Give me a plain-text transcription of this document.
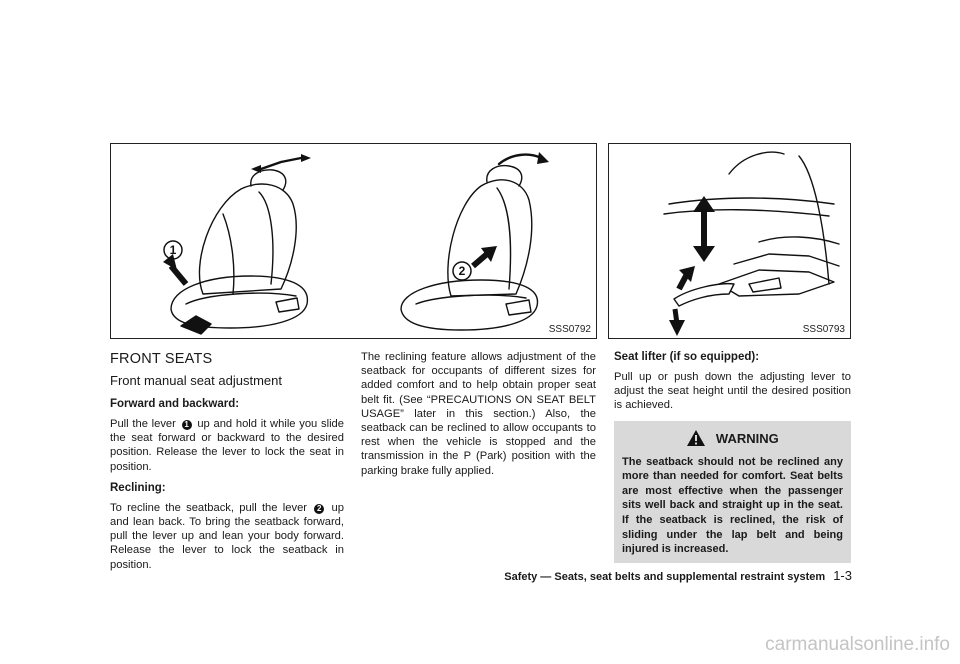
1
2
SSS0792	SSS0793
FRONT SEATS
Front manual seat adjustment
Forward and backward:

Pull the lever 1 up and hold it while you slide the seat forward or backward to the desired position. Release the lever to lock the seat in position.

Reclining:

To recline the seatback, pull the lever 2 up and lean back. To bring the seatback forward, pull the lever up and lean your body forward. Release the lever to lock the seatback in position.

The reclining feature allows adjustment of the seatback for occupants of different sizes for added comfort and to help obtain proper seat belt fit. (See “PRECAUTIONS ON SEAT BELT USAGE” later in this section.) Also, the seatback can be reclined to allow occupants to rest when the vehicle is stopped and the transmission in the P (Park) position with the parking brake fully applied.

Seat lifter (if so equipped):

Pull up or push down the adjusting lever to adjust the seat height until the desired position is achieved.

WARNING
The seatback should not be reclined any more than needed for comfort. Seat belts are most effective when the passenger sits well back and straight up in the seat. If the seatback is reclined, the risk of sliding under the lap belt and being injured is increased.
Safety — Seats, seat belts and supplemental restraint system 1-3
carmanualsonline.info
